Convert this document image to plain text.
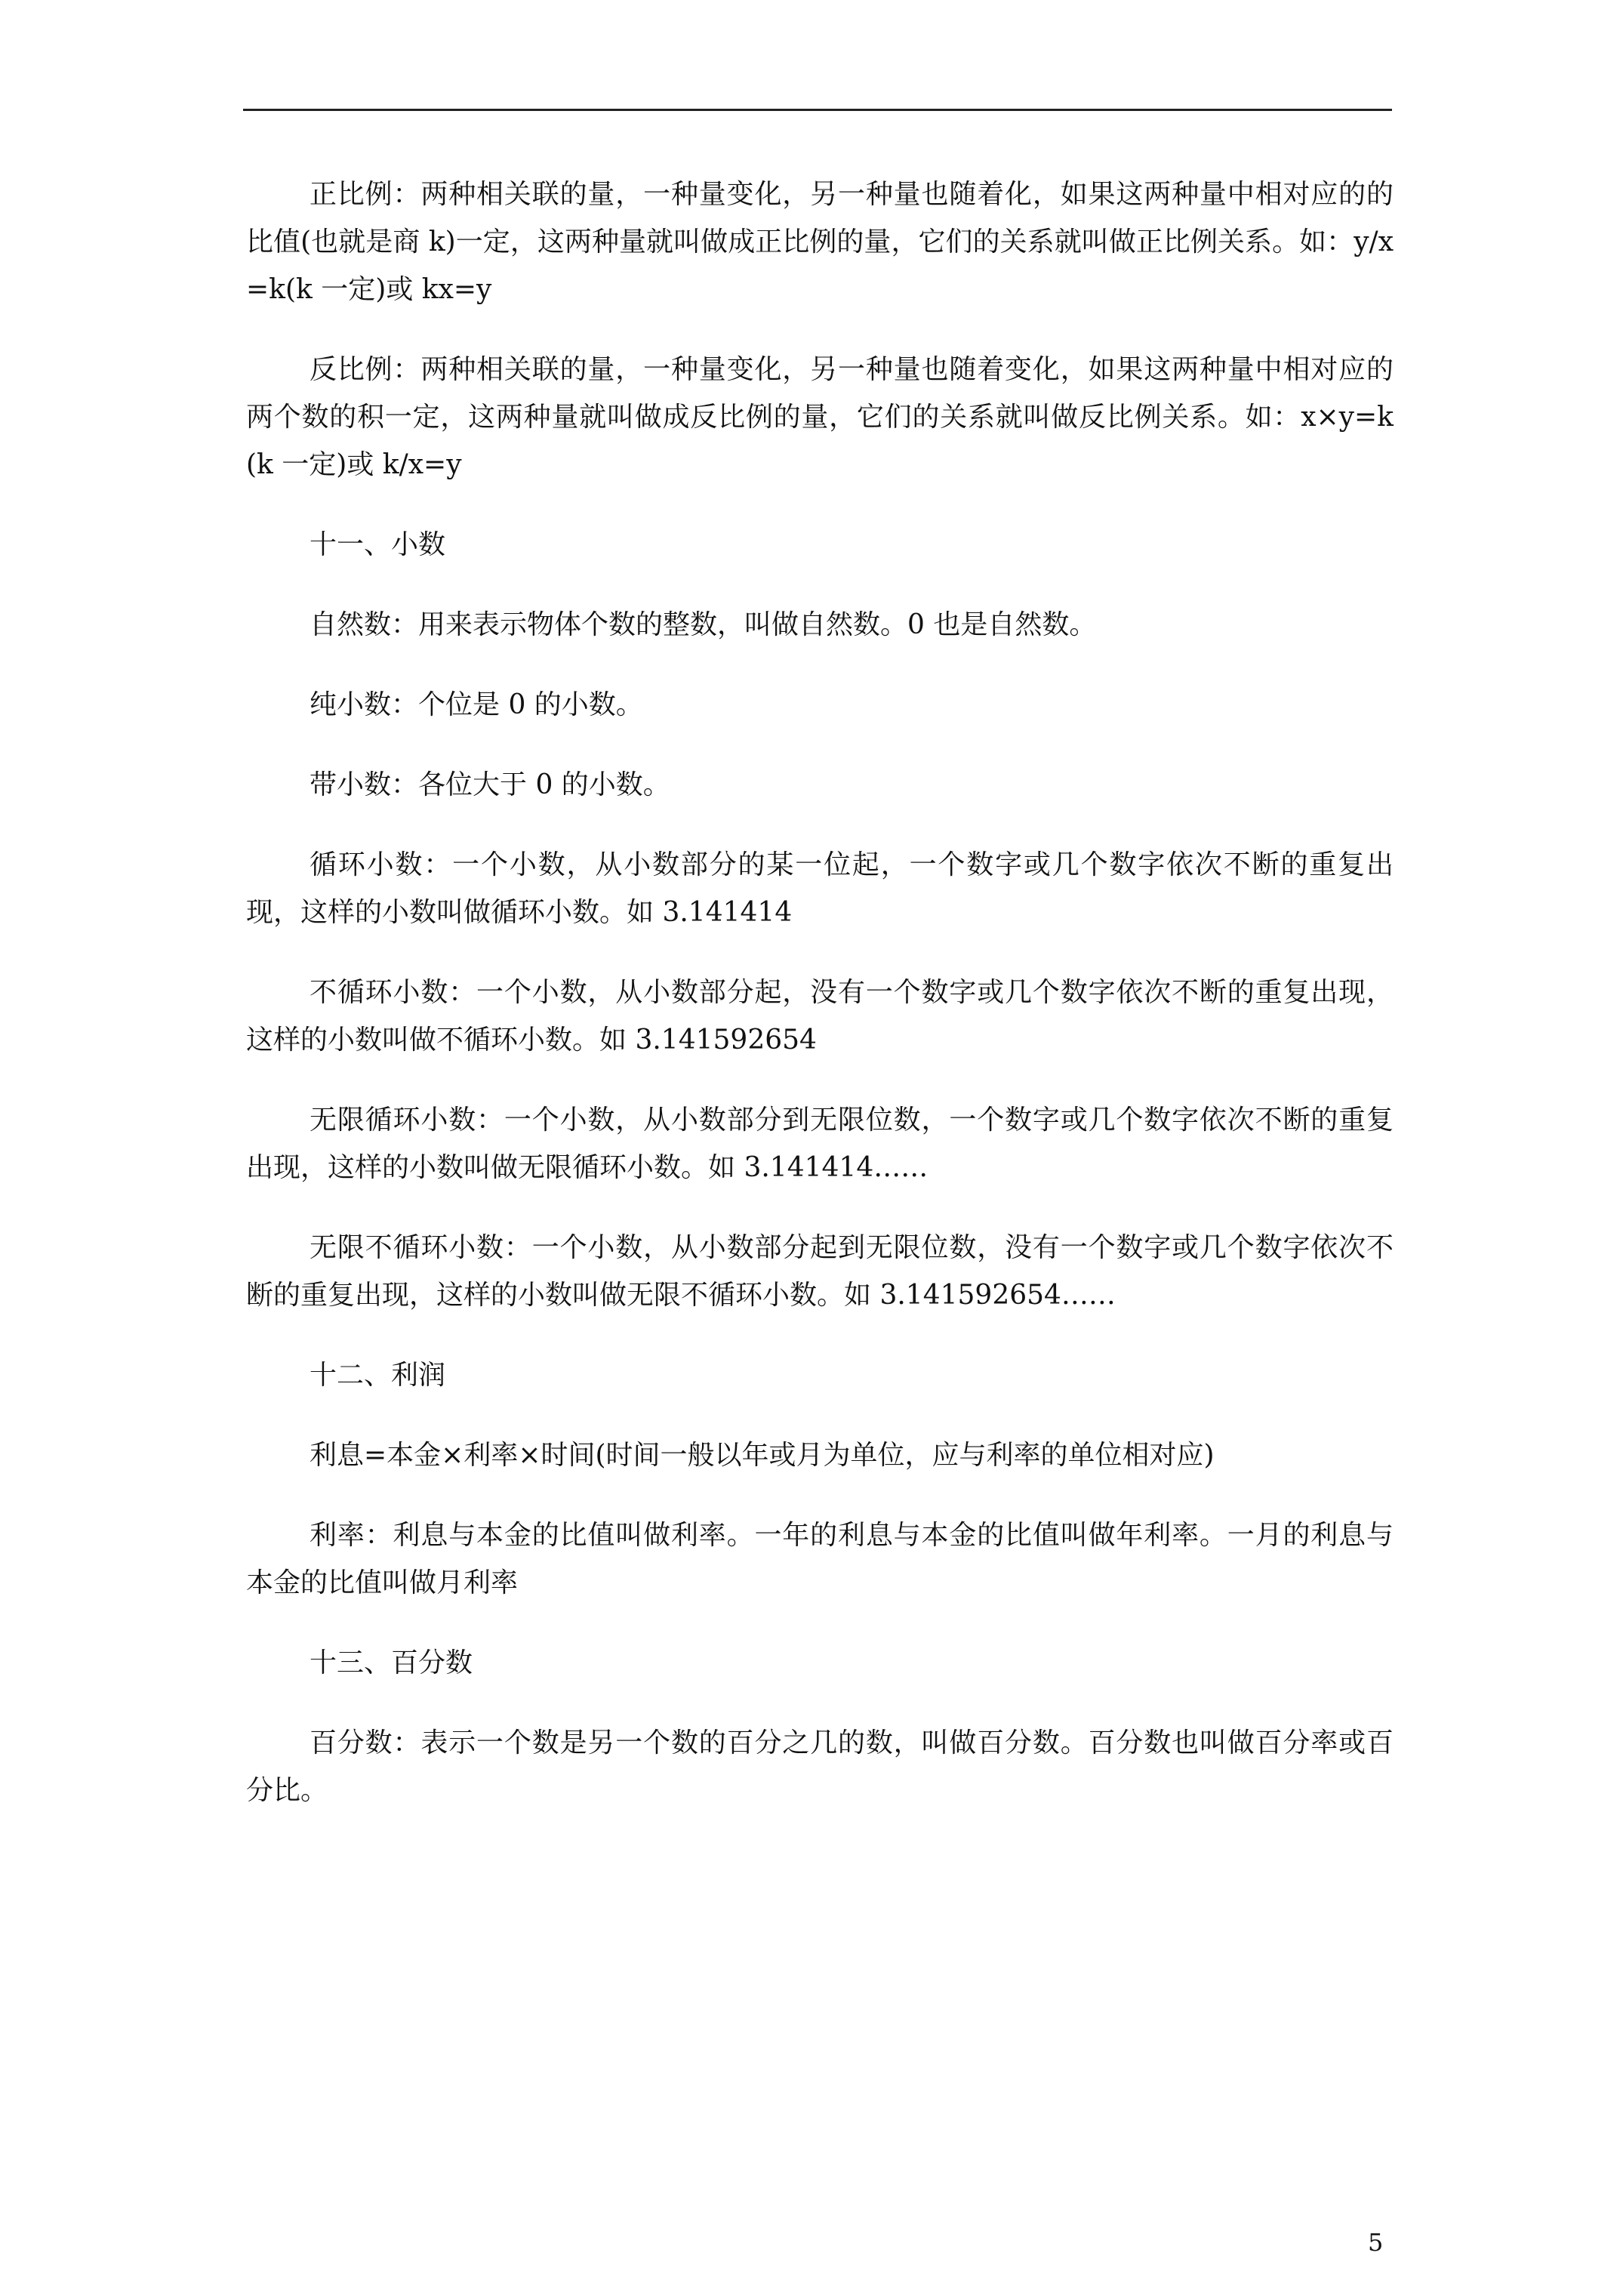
正比例：两种相关联的量，一种量变化，另一种量也随着化，如果这两种量中相对应的的比值(也就是商 k)一定，这两种量就叫做成正比例的量，它们的关系就叫做正比例关系。如：y/x=k(k 一定)或 kx=y

反比例：两种相关联的量，一种量变化，另一种量也随着变化，如果这两种量中相对应的两个数的积一定，这两种量就叫做成反比例的量，它们的关系就叫做反比例关系。如：x×y=k(k 一定)或 k/x=y

十一、小数

自然数：用来表示物体个数的整数，叫做自然数。0 也是自然数。

纯小数：个位是 0 的小数。

带小数：各位大于 0 的小数。

循环小数：一个小数，从小数部分的某一位起，一个数字或几个数字依次不断的重复出现，这样的小数叫做循环小数。如 3.141414

不循环小数：一个小数，从小数部分起，没有一个数字或几个数字依次不断的重复出现，这样的小数叫做不循环小数。如 3.141592654

无限循环小数：一个小数，从小数部分到无限位数，一个数字或几个数字依次不断的重复出现，这样的小数叫做无限循环小数。如 3.141414……

无限不循环小数：一个小数，从小数部分起到无限位数，没有一个数字或几个数字依次不断的重复出现，这样的小数叫做无限不循环小数。如 3.141592654……

十二、利润

利息=本金×利率×时间(时间一般以年或月为单位，应与利率的单位相对应)

利率：利息与本金的比值叫做利率。一年的利息与本金的比值叫做年利率。一月的利息与本金的比值叫做月利率

十三、百分数

百分数：表示一个数是另一个数的百分之几的数，叫做百分数。百分数也叫做百分率或百分比。

5
